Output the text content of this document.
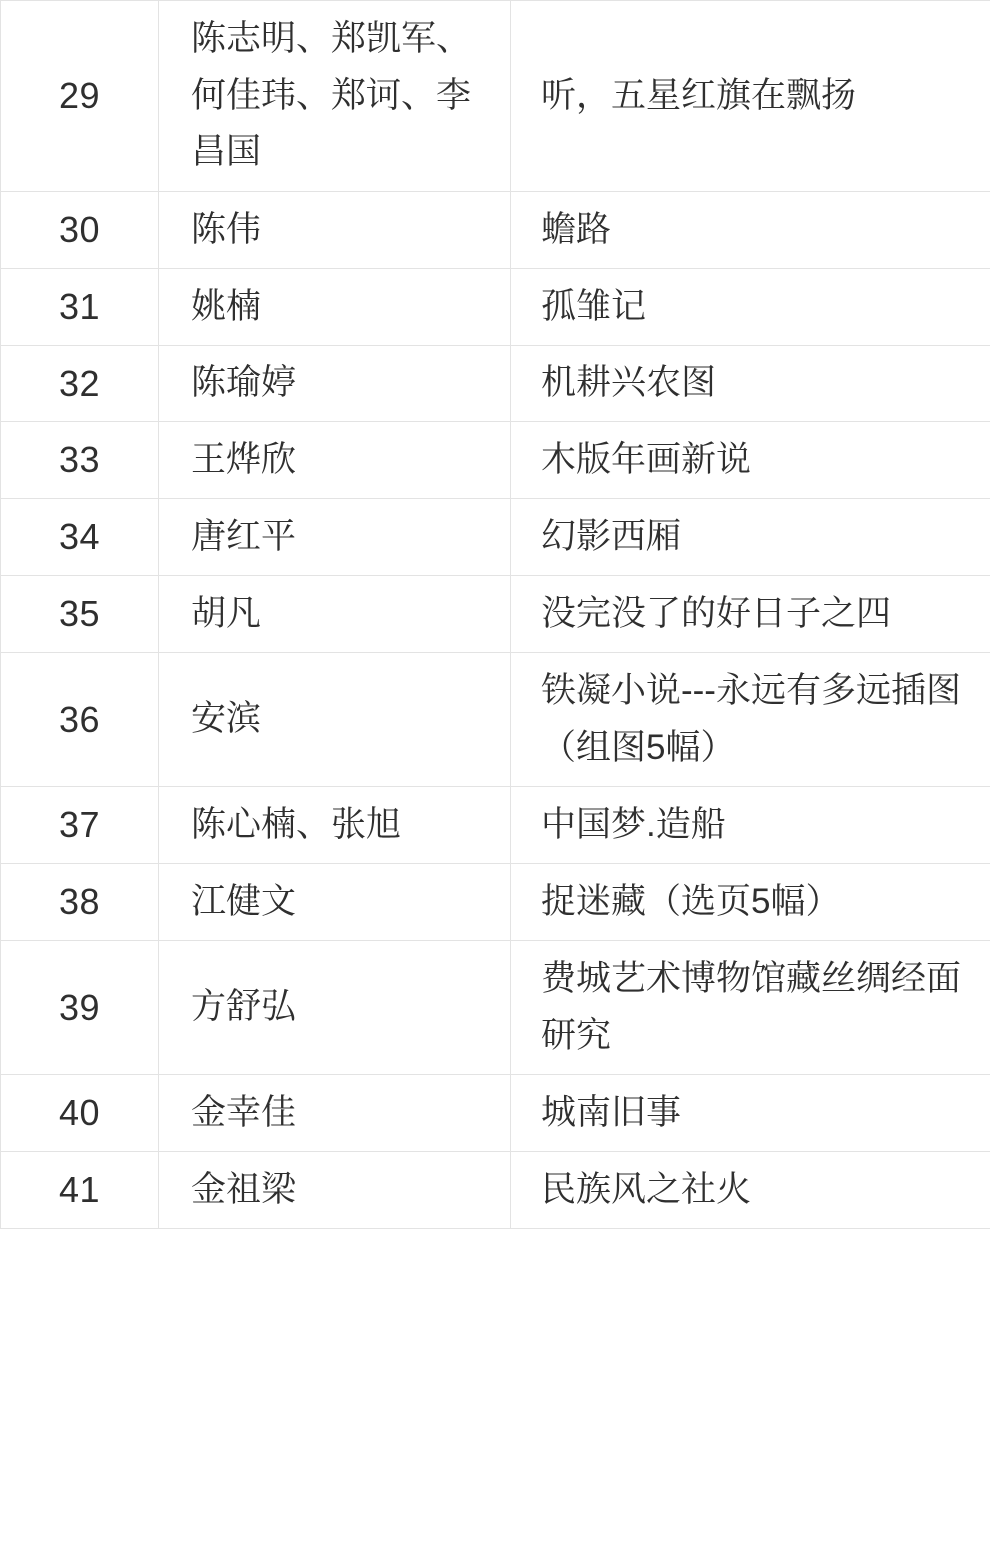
29	陈志明、郑凯军、何佳玮、郑诃、李昌国	听，五星红旗在飘扬
30	陈伟	蟾路
31	姚楠	孤雏记
32	陈瑜婷	机耕兴农图
33	王烨欣	木版年画新说
34	唐红平	幻影西厢
35	胡凡	没完没了的好日子之四
36	安滨	铁凝小说---永远有多远插图（组图5幅）
37	陈心楠、张旭	中国梦.造船
38	江健文	捉迷藏（选页5幅）
39	方舒弘	费城艺术博物馆藏丝绸经面研究
40	金幸佳	城南旧事
41	金祖梁	民族风之社火
